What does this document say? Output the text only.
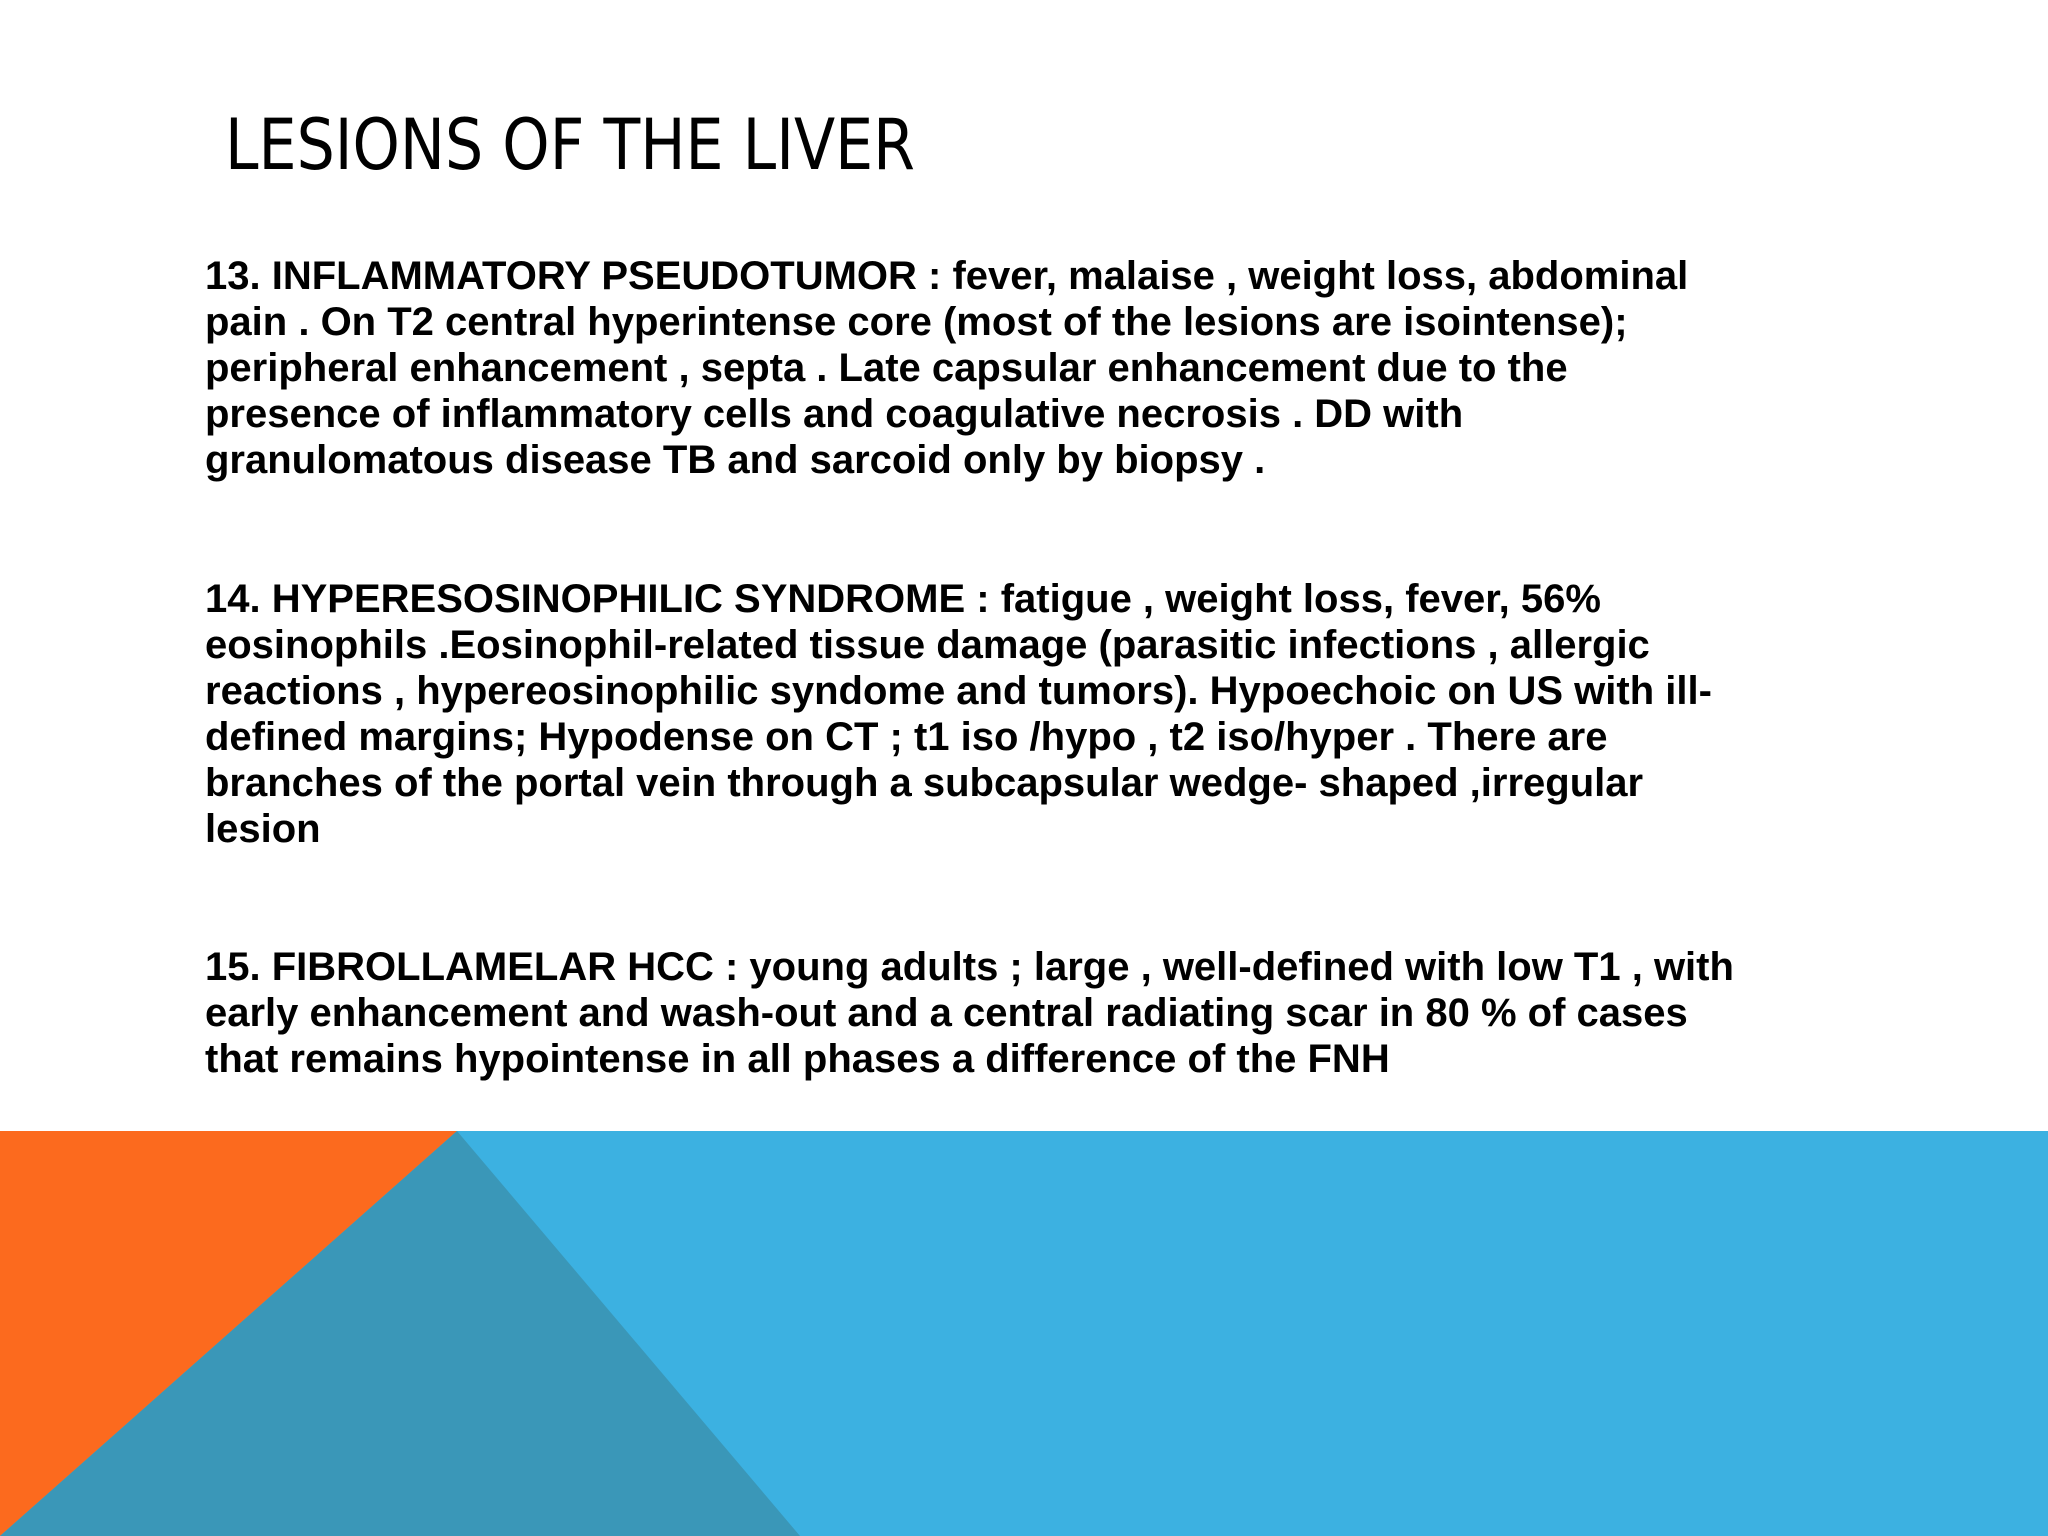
LESIONS OF THE LIVER

13. INFLAMMATORY PSEUDOTUMOR : fever, malaise , weight loss, abdominal
pain . On T2 central hyperintense core (most of the lesions are isointense);
peripheral enhancement , septa . Late capsular enhancement due to the
presence of inflammatory cells and coagulative necrosis . DD with
granulomatous disease TB and sarcoid only by biopsy .

14. HYPERESOSINOPHILIC SYNDROME : fatigue , weight loss, fever, 56%
eosinophils .Eosinophil-related tissue damage (parasitic infections , allergic
reactions , hypereosinophilic syndome and tumors). Hypoechoic on US with ill-
defined margins; Hypodense on CT ; t1 iso /hypo , t2 iso/hyper . There are
branches of the portal vein through a subcapsular wedge- shaped ,irregular
lesion

15. FIBROLLAMELAR HCC : young adults ; large , well-defined with low T1 , with
early enhancement and wash-out and a central radiating scar in 80 % of cases
that remains hypointense in all phases a difference of the FNH
